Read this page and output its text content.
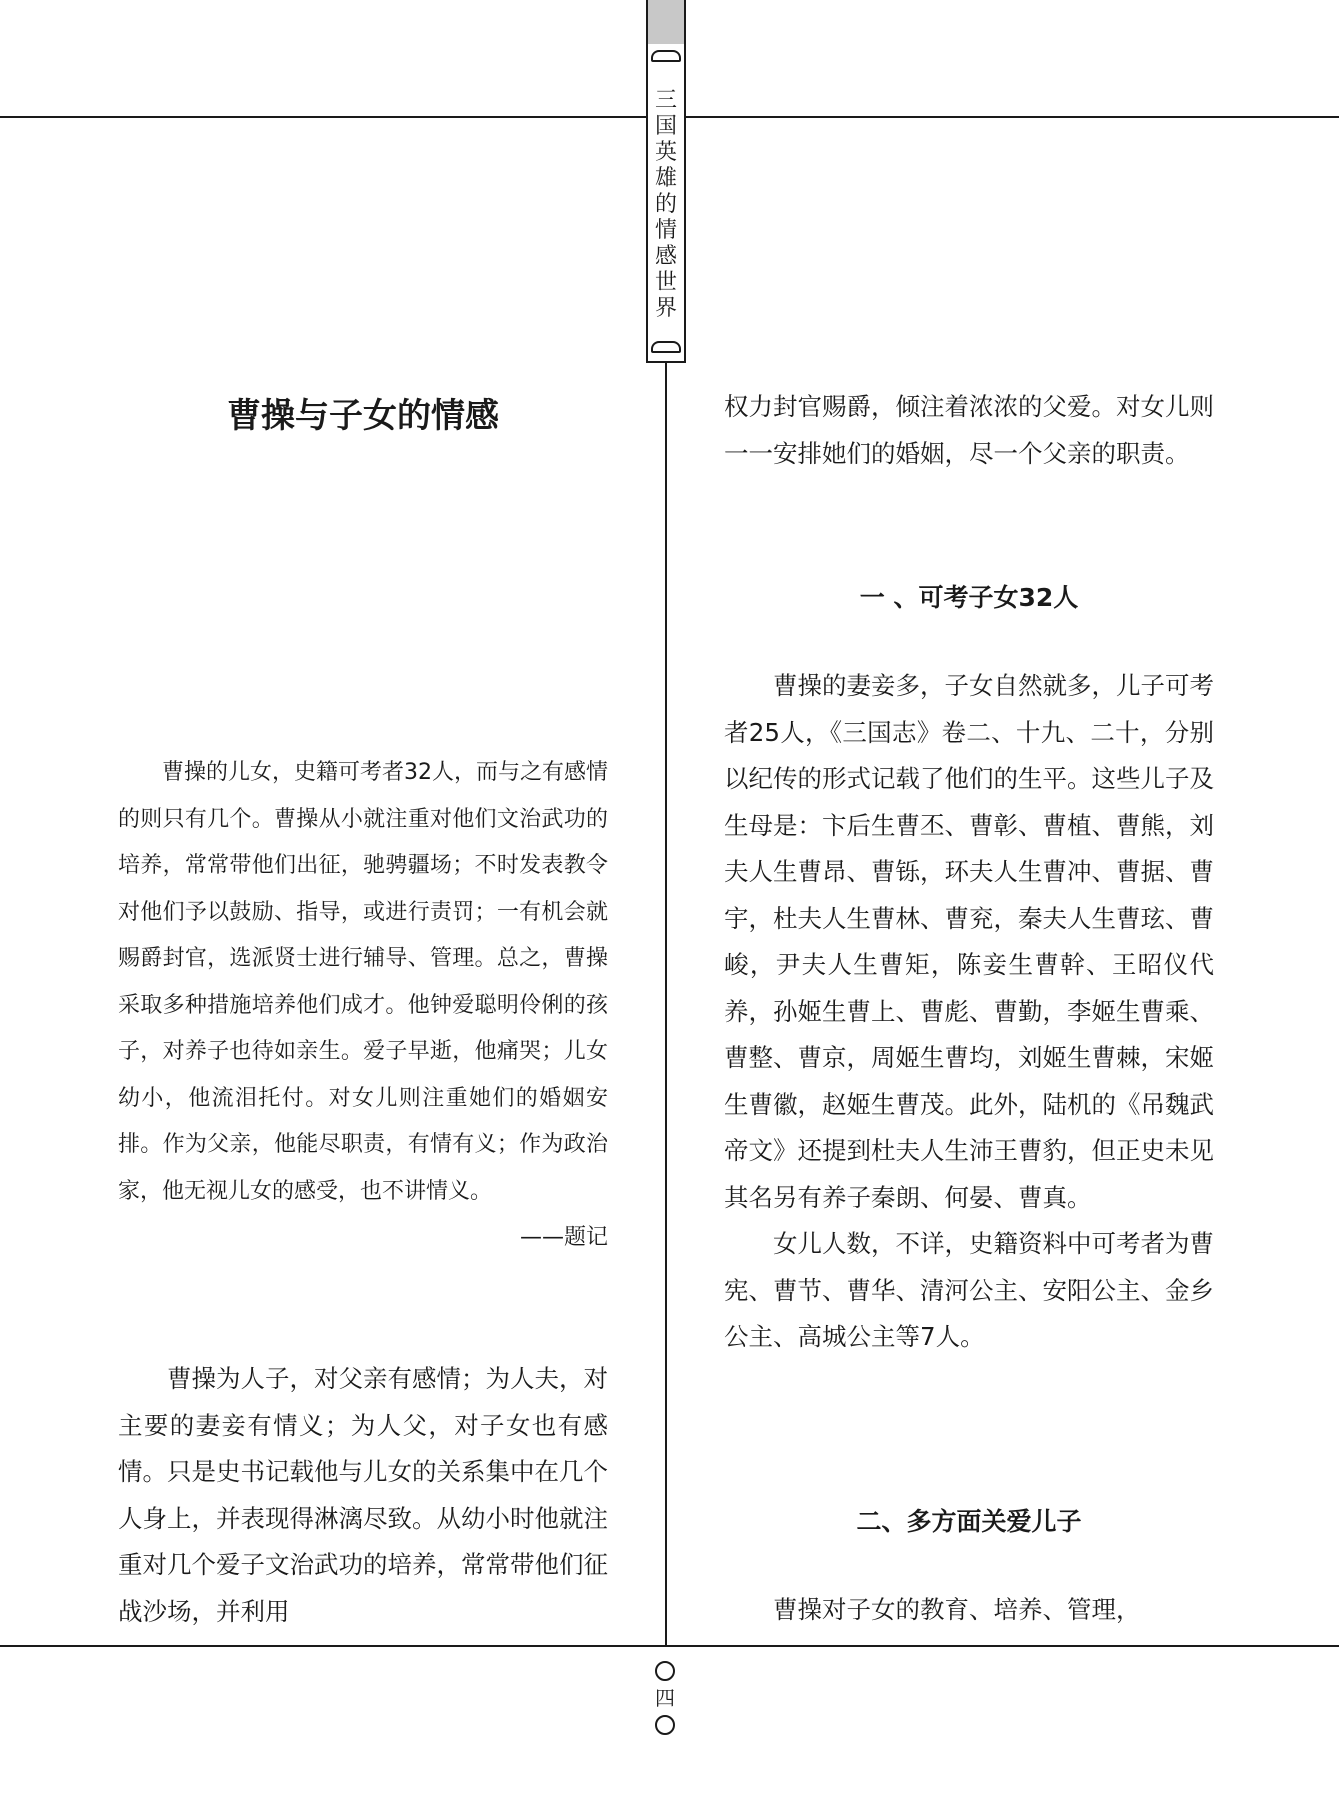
三
国
英
雄
的
情
感
世
界
曹操与子女的情感

曹操的儿女，史籍可考者32人，而与之有感情的则只有几个。曹操从小就注重对他们文治武功的培养，常常带他们出征，驰骋疆场；不时发表教令对他们予以鼓励、指导，或进行责罚；一有机会就赐爵封官，选派贤士进行辅导、管理。总之，曹操采取多种措施培养他们成才。他钟爱聪明伶俐的孩子，对养子也待如亲生。爱子早逝，他痛哭；儿女幼小，他流泪托付。对女儿则注重她们的婚姻安排。作为父亲，他能尽职责，有情有义；作为政治家，他无视儿女的感受，也不讲情义。

——题记

曹操为人子，对父亲有感情；为人夫，对主要的妻妾有情义；为人父，对子女也有感情。只是史书记载他与儿女的关系集中在几个人身上，并表现得淋漓尽致。从幼小时他就注重对几个爱子文治武功的培养，常常带他们征战沙场，并利用

权力封官赐爵，倾注着浓浓的父爱。对女儿则一一安排她们的婚姻，尽一个父亲的职责。

一 、可考子女32人

曹操的妻妾多，子女自然就多，儿子可考者25人，《三国志》卷二、十九、二十，分别以纪传的形式记载了他们的生平。这些儿子及生母是：卞后生曹丕、曹彰、曹植、曹熊，刘夫人生曹昂、曹铄，环夫人生曹冲、曹据、曹宇，杜夫人生曹林、曹兖，秦夫人生曹玹、曹峻，尹夫人生曹矩，陈妾生曹幹、王昭仪代养，孙姬生曹上、曹彪、曹勤，李姬生曹乘、曹整、曹京，周姬生曹均，刘姬生曹棘，宋姬生曹徽，赵姬生曹茂。此外，陆机的《吊魏武帝文》还提到杜夫人生沛王曹豹，但正史未见其名另有养子秦朗、何晏、曹真。

女儿人数，不详，史籍资料中可考者为曹宪、曹节、曹华、清河公主、安阳公主、金乡公主、高城公主等7人。

二、多方面关爱儿子

曹操对子女的教育、培养、管理，

四
